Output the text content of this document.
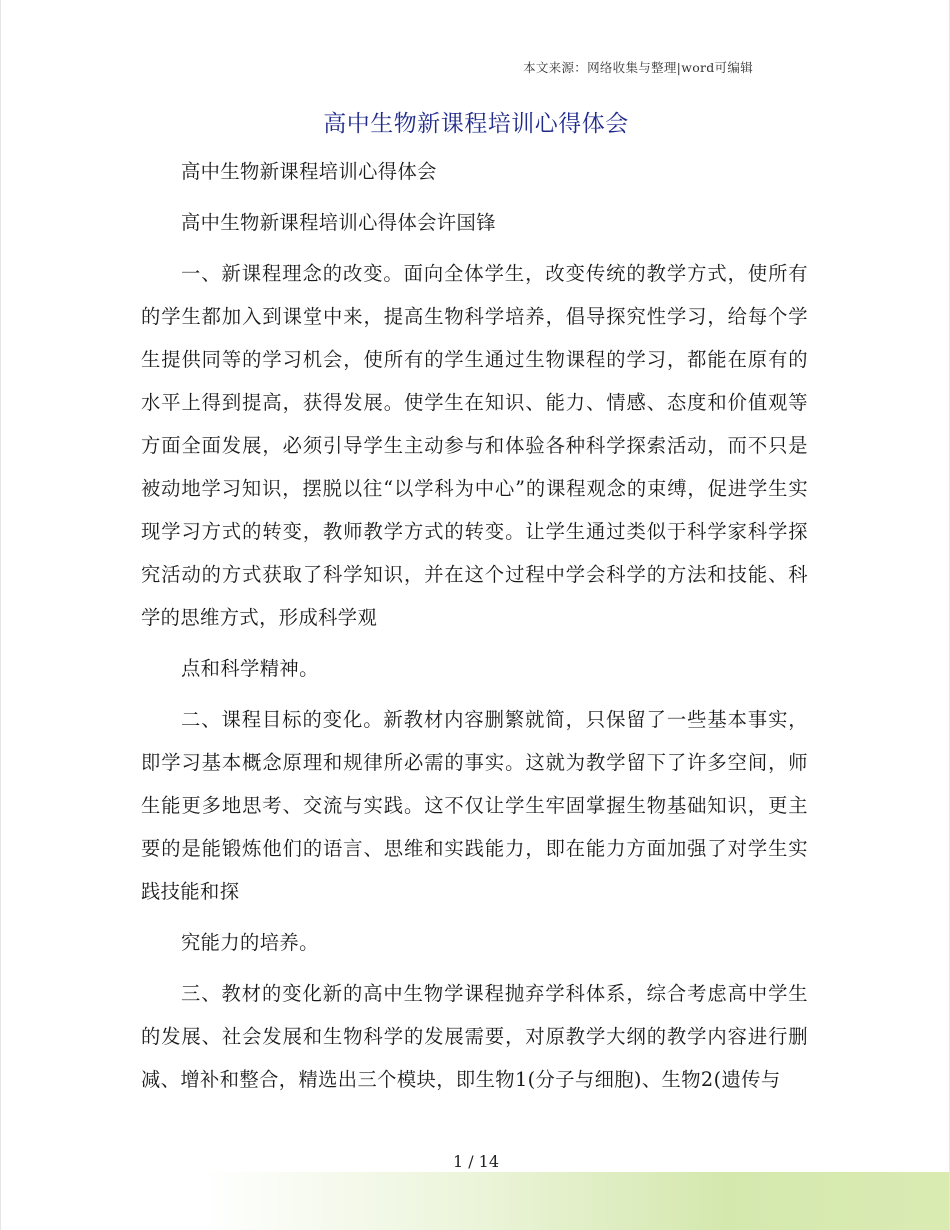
本文来源：网络收集与整理|word可编辑
高中生物新课程培训心得体会

高中生物新课程培训心得体会

高中生物新课程培训心得体会许国锋

一、新课程理念的改变。面向全体学生，改变传统的教学方式，使所有的学生都加入到课堂中来，提高生物科学培养，倡导探究性学习，给每个学生提供同等的学习机会，使所有的学生通过生物课程的学习，都能在原有的水平上得到提高，获得发展。使学生在知识、能力、情感、态度和价值观等方面全面发展，必须引导学生主动参与和体验各种科学探索活动，而不只是被动地学习知识，摆脱以往“以学科为中心”的课程观念的束缚，促进学生实现学习方式的转变，教师教学方式的转变。让学生通过类似于科学家科学探究活动的方式获取了科学知识，并在这个过程中学会科学的方法和技能、科学的思维方式，形成科学观

点和科学精神。

二、课程目标的变化。新教材内容删繁就简，只保留了一些基本事实，即学习基本概念原理和规律所必需的事实。这就为教学留下了许多空间，师生能更多地思考、交流与实践。这不仅让学生牢固掌握生物基础知识，更主要的是能锻炼他们的语言、思维和实践能力，即在能力方面加强了对学生实践技能和探

究能力的培养。

三、教材的变化新的高中生物学课程抛弃学科体系，综合考虑高中学生的发展、社会发展和生物科学的发展需要，对原教学大纲的教学内容进行删减、增补和整合，精选出三个模块，即生物1(分子与细胞)、生物2(遗传与

1 / 14
